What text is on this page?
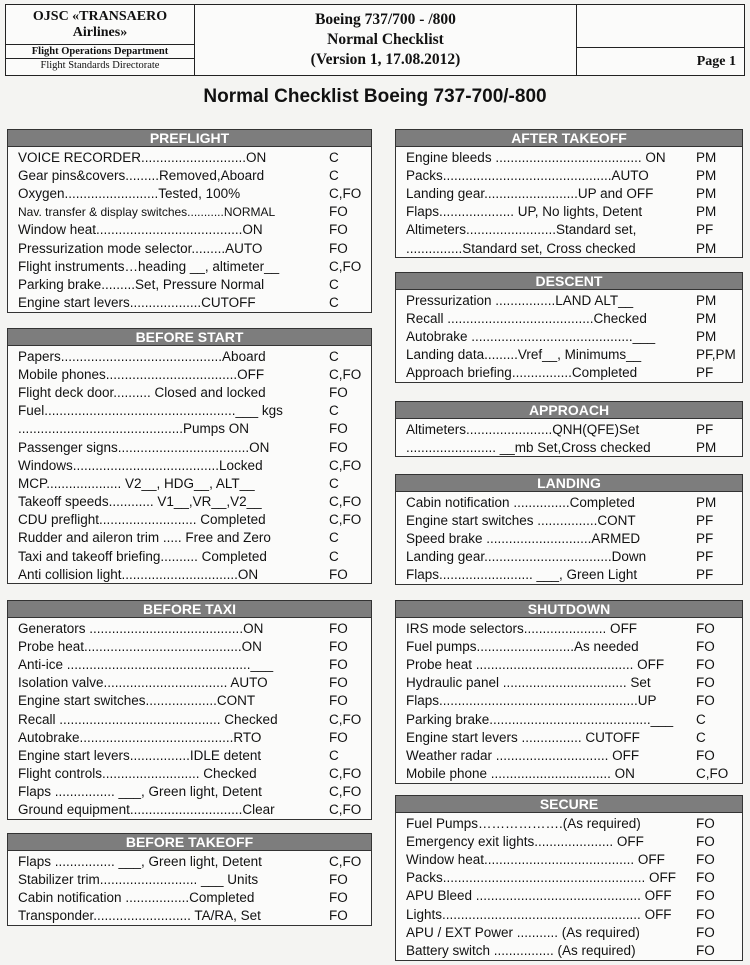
OJSC «TRANSAERO Airlines»
Flight Operations Department
Flight Standards Directorate
Boeing 737/700 - /800
Normal Checklist
(Version 1, 17.08.2012)	Page 1
Normal Checklist Boeing 737-700/-800
PREFLIGHT
VOICE RECORDER............................ON	C
Gear pins&covers.........Removed,Aboard	C
Oxygen.........................Tested, 100%	C,FO
Nav. transfer & display switches...........NORMAL	FO
Window heat.......................................ON	FO
Pressurization mode selector.........AUTO	FO
Flight instruments…heading __, altimeter__	C,FO
Parking brake.........Set, Pressure Normal	C
Engine start levers...................CUTOFF	C
BEFORE START
Papers...........................................Aboard	C
Mobile phones...................................OFF	C,FO
Flight deck door.......... Closed and locked	FO
Fuel...................................................___ kgs	C
............................................Pumps ON	FO
Passenger signs...................................ON	FO
Windows.......................................Locked	C,FO
MCP.................... V2__, HDG__, ALT__	C
Takeoff speeds............ V1__,VR__,V2__	C,FO
CDU preflight.......................... Completed	C,FO
Rudder and aileron trim ..... Free and Zero	C
Taxi and takeoff briefing.......... Completed	C
Anti collision light...............................ON	FO
BEFORE TAXI
Generators .........................................ON	FO
Probe heat..........................................ON	FO
Anti-ice .................................................___	FO
Isolation valve................................. AUTO	FO
Engine start switches...................CONT	FO
Recall ........................................... Checked	C,FO
Autobrake.........................................RTO	FO
Engine start levers................IDLE detent	C
Flight controls.......................... Checked	C,FO
Flaps ................ ___, Green light, Detent	C,FO
Ground equipment..............................Clear	C,FO
BEFORE TAKEOFF
Flaps ................ ___, Green light, Detent	C,FO
Stabilizer trim.......................... ___ Units	FO
Cabin notification .................Completed	FO
Transponder.......................... TA/RA, Set	FO
AFTER TAKEOFF
Engine bleeds ....................................... ON	PM
Packs.............................................AUTO	PM
Landing gear.........................UP and OFF	PM
Flaps.................... UP, No lights, Detent	PM
Altimeters........................Standard set,	PF
...............Standard set, Cross checked	PM
DESCENT
Pressurization ................LAND ALT__	PM
Recall .......................................Checked	PM
Autobrake ...........................................___	PM
Landing data.........Vref__, Minimums__	PF,PM
Approach briefing................Completed	PF
APPROACH
Altimeters.......................QNH(QFE)Set	PF
........................ __mb Set,Cross checked	PM
LANDING
Cabin notification ...............Completed	PM
Engine start switches ................CONT	PF
Speed brake ............................ARMED	PF
Landing gear..................................Down	PF
Flaps......................... ___, Green Light	PF
SHUTDOWN
IRS mode selectors...................... OFF	FO
Fuel pumps..........................As needed	FO
Probe heat .......................................... OFF	FO
Hydraulic panel ................................. Set	FO
Flaps.....................................................UP	FO
Parking brake...........................................___	C
Engine start levers ................ CUTOFF	C
Weather radar .............................. OFF	FO
Mobile phone ................................ ON	C,FO
SECURE
Fuel Pumps……………….(As required)	FO
Emergency exit lights..................... OFF	FO
Window heat........................................ OFF	FO
Packs...................................................... OFF	FO
APU Bleed ............................................ OFF	FO
Lights..................................................... OFF	FO
APU / EXT Power ........... (As required)	FO
Battery switch ................ (As required)	FO
